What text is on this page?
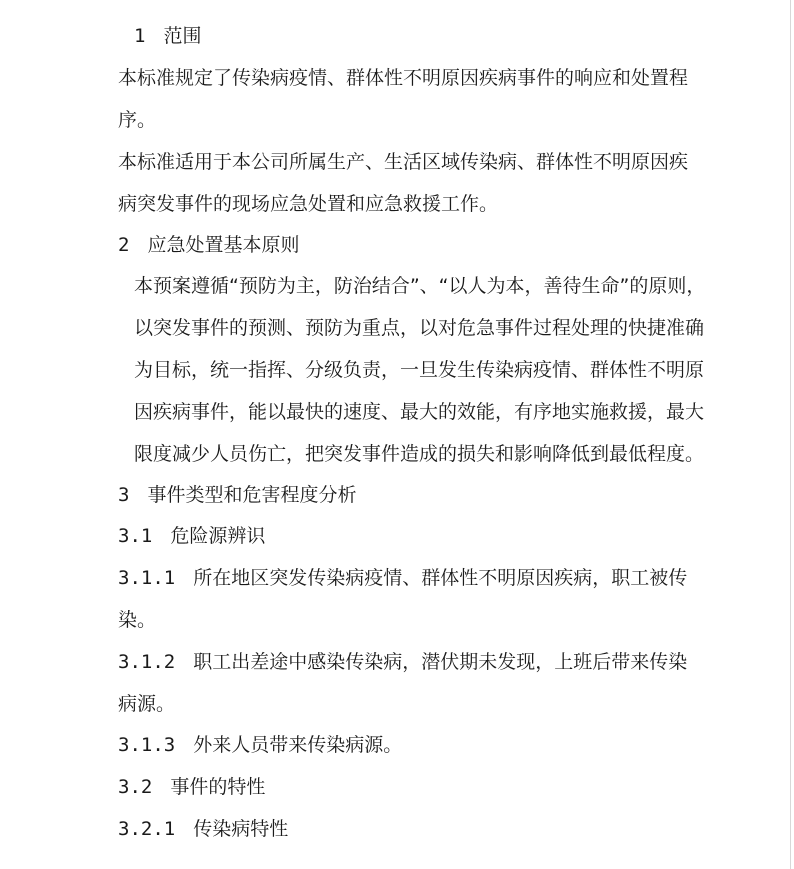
1 范围
本标准规定了传染病疫情、群体性不明原因疾病事件的响应和处置程
序。
本标准适用于本公司所属生产、生活区域传染病、群体性不明原因疾
病突发事件的现场应急处置和应急救援工作。
2 应急处置基本原则
本预案遵循“预防为主，防治结合”、“以人为本，善待生命”的原则，
以突发事件的预测、预防为重点，以对危急事件过程处理的快捷准确
为目标，统一指挥、分级负责，一旦发生传染病疫情、群体性不明原
因疾病事件，能以最快的速度、最大的效能，有序地实施救援，最大
限度减少人员伤亡，把突发事件造成的损失和影响降低到最低程度。
3 事件类型和危害程度分析
3.1 危险源辨识
3.1.1 所在地区突发传染病疫情、群体性不明原因疾病，职工被传
染。
3.1.2 职工出差途中感染传染病，潜伏期未发现，上班后带来传染
病源。
3.1.3 外来人员带来传染病源。
3.2 事件的特性
3.2.1 传染病特性
